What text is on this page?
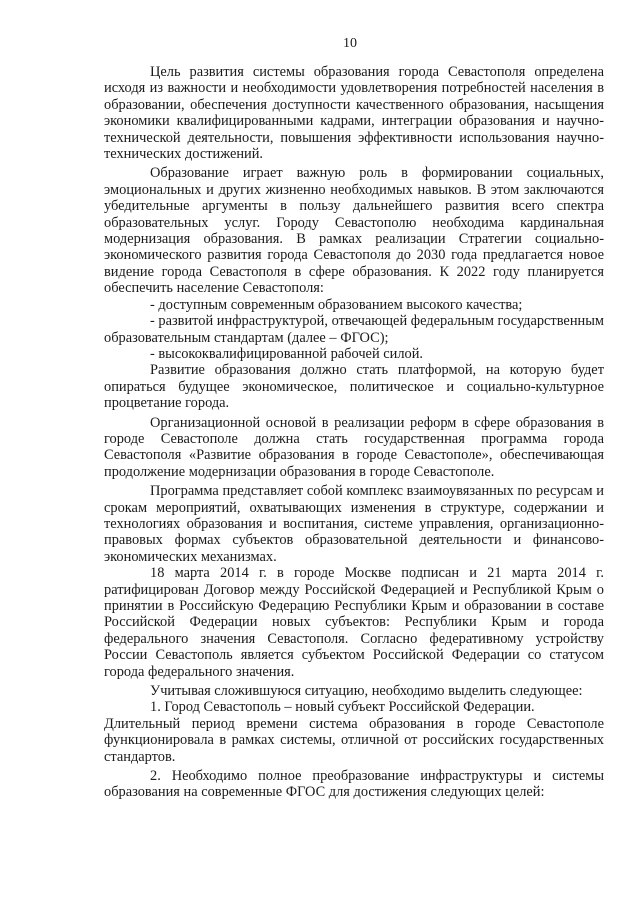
10

Цель развития системы образования города Севастополя определена исходя из важности и необходимости удовлетворения потребностей населения в образовании, обеспечения доступности качественного образования, насыщения экономики квалифицированными кадрами, интеграции образования и научно-технической деятельности, повышения эффективности использования научно-технических достижений.

Образование играет важную роль в формировании социальных, эмоциональных и других жизненно необходимых навыков. В этом заключаются убедительные аргументы в пользу дальнейшего развития всего спектра образовательных услуг. Городу Севастополю необходима кардинальная модернизация образования. В рамках реализации Стратегии социально-экономического развития города Севастополя до 2030 года предлагается новое видение города Севастополя в сфере образования. К 2022 году планируется обеспечить население Севастополя:

- доступным современным образованием высокого качества;

- развитой инфраструктурой, отвечающей федеральным государственным образовательным стандартам (далее – ФГОС);

- высококвалифицированной рабочей силой.

Развитие образования должно стать платформой, на которую будет опираться будущее экономическое, политическое и социально-культурное процветание города.

Организационной основой в реализации реформ в сфере образования в городе Севастополе должна стать государственная программа города Севастополя «Развитие образования в городе Севастополе», обеспечивающая продолжение модернизации образования в городе Севастополе.

Программа представляет собой комплекс взаимоувязанных по ресурсам и срокам мероприятий, охватывающих изменения в структуре, содержании и технологиях образования и воспитания, системе управления, организационно-правовых формах субъектов образовательной деятельности и финансово-экономических механизмах.

18 марта 2014 г. в городе Москве подписан и 21 марта 2014 г. ратифицирован Договор между Российской Федерацией и Республикой Крым о принятии в Российскую Федерацию Республики Крым и образовании в составе Российской Федерации новых субъектов: Республики Крым и города федерального значения Севастополя. Согласно федеративному устройству России Севастополь является субъектом Российской Федерации со статусом города федерального значения.

Учитывая сложившуюся ситуацию, необходимо выделить следующее:

1. Город Севастополь – новый субъект Российской Федерации.

Длительный период времени система образования в городе Севастополе функционировала в рамках системы, отличной от российских государственных стандартов.

2. Необходимо полное преобразование инфраструктуры и системы образования на современные ФГОС для достижения следующих целей:
